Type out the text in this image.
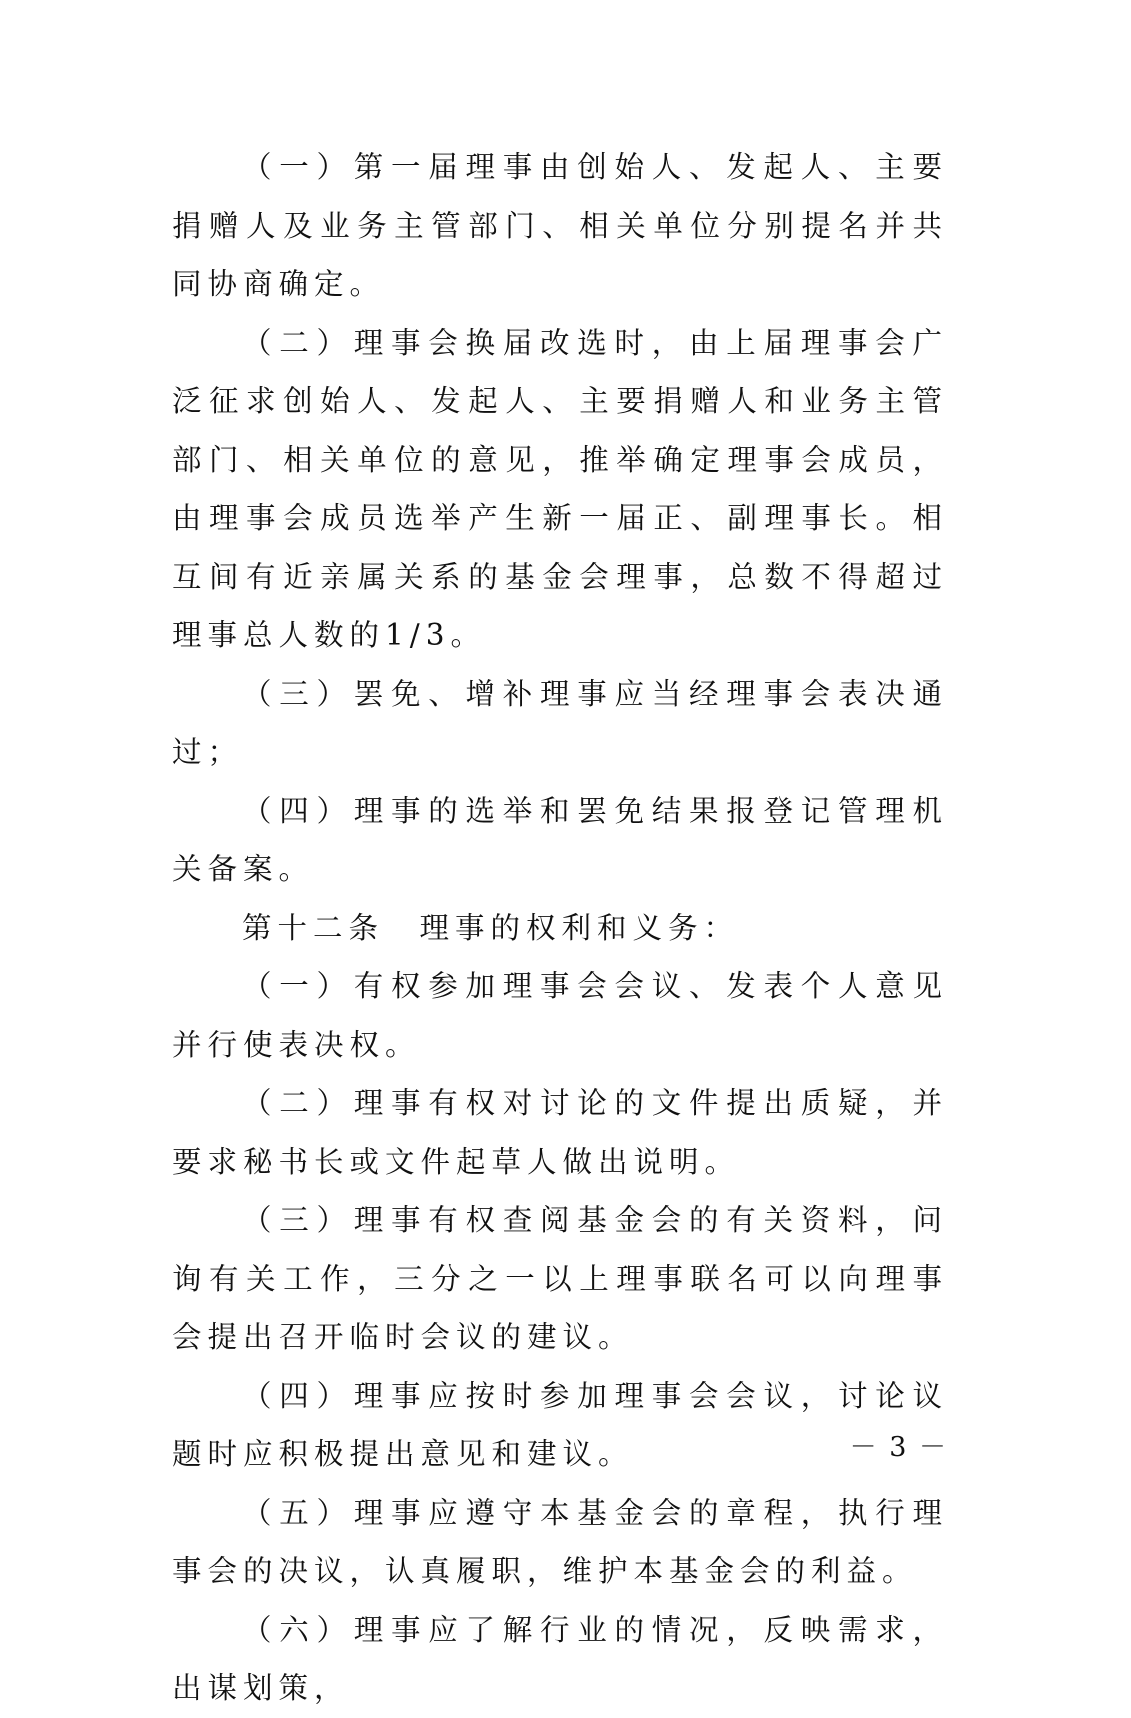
（一）第一届理事由创始人、发起人、主要捐赠人及业务主管部门、相关单位分别提名并共同协商确定。

（二）理事会换届改选时，由上届理事会广泛征求创始人、发起人、主要捐赠人和业务主管部门、相关单位的意见，推举确定理事会成员，由理事会成员选举产生新一届正、副理事长。相互间有近亲属关系的基金会理事，总数不得超过理事总人数的1/3。

（三）罢免、增补理事应当经理事会表决通过；

（四）理事的选举和罢免结果报登记管理机关备案。

第十二条　理事的权利和义务：

（一）有权参加理事会会议、发表个人意见并行使表决权。

（二）理事有权对讨论的文件提出质疑，并要求秘书长或文件起草人做出说明。

（三）理事有权查阅基金会的有关资料，问询有关工作，三分之一以上理事联名可以向理事会提出召开临时会议的建议。

（四）理事应按时参加理事会会议，讨论议题时应积极提出意见和建议。

（五）理事应遵守本基金会的章程，执行理事会的决议，认真履职，维护本基金会的利益。

（六）理事应了解行业的情况，反映需求，出谋划策，

－ 3 －
